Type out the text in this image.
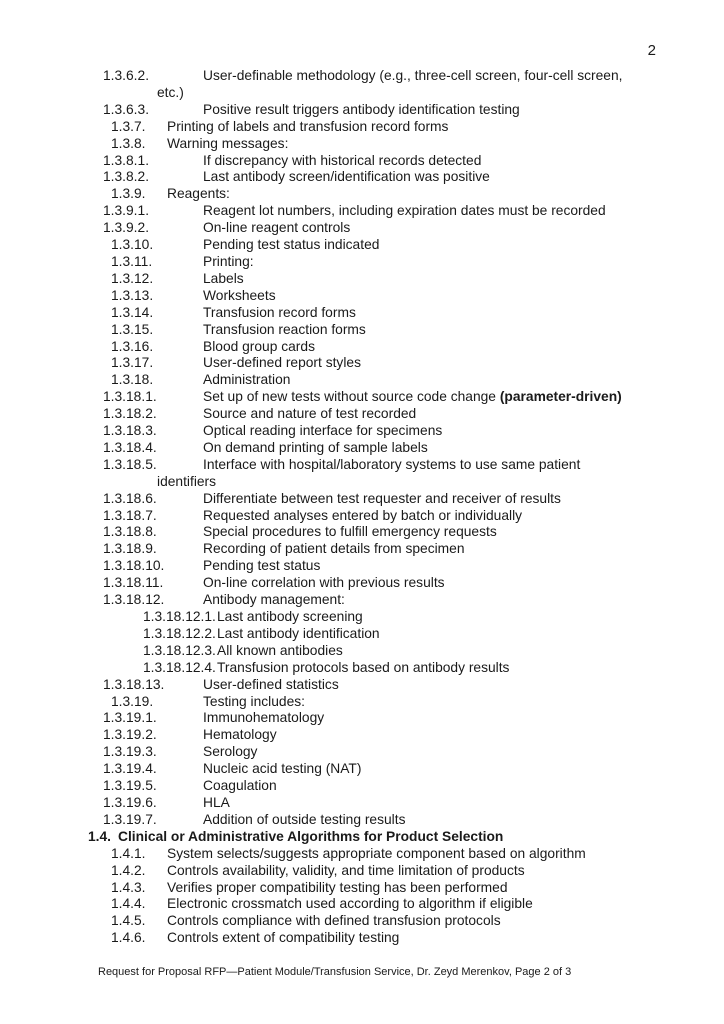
2
1.3.6.2.	User-definable methodology (e.g., three-cell screen, four-cell screen,
etc.)
1.3.6.3.	Positive result triggers antibody identification testing
1.3.7. Printing of labels and transfusion record forms
1.3.8. Warning messages:
1.3.8.1.	If discrepancy with historical records detected
1.3.8.2.	Last antibody screen/identification was positive
1.3.9. Reagents:
1.3.9.1.	Reagent lot numbers, including expiration dates must be recorded
1.3.9.2.	On-line reagent controls
1.3.10.	Pending test status indicated
1.3.11.	Printing:
1.3.12.	Labels
1.3.13.	Worksheets
1.3.14.	Transfusion record forms
1.3.15.	Transfusion reaction forms
1.3.16.	Blood group cards
1.3.17.	User-defined report styles
1.3.18.	Administration
1.3.18.1.	Set up of new tests without source code change (parameter-driven)
1.3.18.2.	Source and nature of test recorded
1.3.18.3.	Optical reading interface for specimens
1.3.18.4.	On demand printing of sample labels
1.3.18.5.	Interface with hospital/laboratory systems to use same patient
identifiers
1.3.18.6.	Differentiate between test requester and receiver of results
1.3.18.7.	Requested analyses entered by batch or individually
1.3.18.8.	Special procedures to fulfill emergency requests
1.3.18.9.	Recording of patient details from specimen
1.3.18.10.	Pending test status
1.3.18.11.	On-line correlation with previous results
1.3.18.12.	Antibody management:
1.3.18.12.1.Last antibody screening
1.3.18.12.2.Last antibody identification
1.3.18.12.3.All known antibodies
1.3.18.12.4.Transfusion protocols based on antibody results
1.3.18.13.	User-defined statistics
1.3.19.	Testing includes:
1.3.19.1.	Immunohematology
1.3.19.2.	Hematology
1.3.19.3.	Serology
1.3.19.4.	Nucleic acid testing (NAT)
1.3.19.5.	Coagulation
1.3.19.6.	HLA
1.3.19.7.	Addition of outside testing results
1.4. Clinical or Administrative Algorithms for Product Selection
1.4.1. System selects/suggests appropriate component based on algorithm
1.4.2. Controls availability, validity, and time limitation of products
1.4.3. Verifies proper compatibility testing has been performed
1.4.4. Electronic crossmatch used according to algorithm if eligible
1.4.5. Controls compliance with defined transfusion protocols
1.4.6. Controls extent of compatibility testing
Request for Proposal RFP—Patient Module/Transfusion Service, Dr. Zeyd Merenkov, Page 2 of 3
